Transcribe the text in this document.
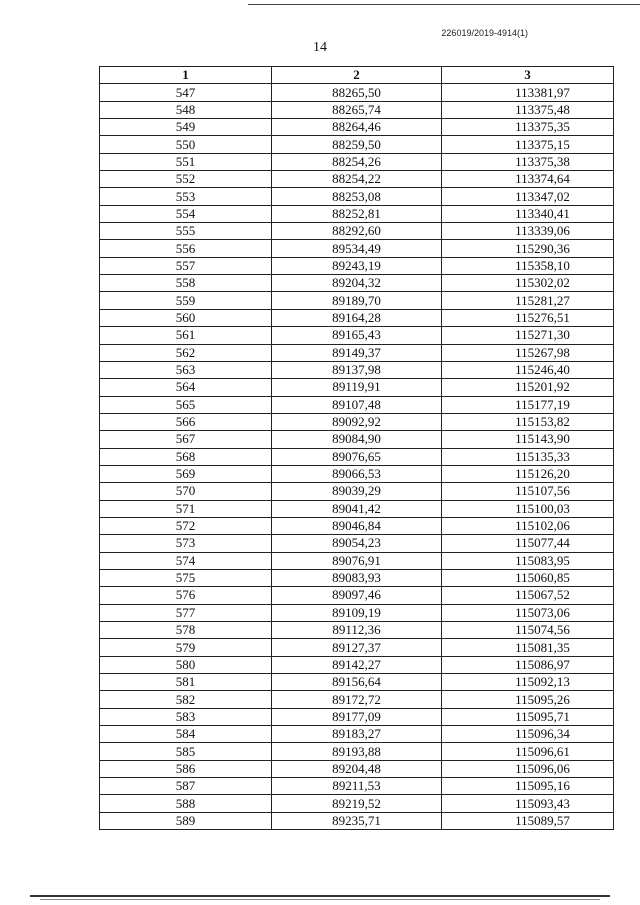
226019/2019-4914(1)
14
1	2	3
547	88265,50	113381,97
548	88265,74	113375,48
549	88264,46	113375,35
550	88259,50	113375,15
551	88254,26	113375,38
552	88254,22	113374,64
553	88253,08	113347,02
554	88252,81	113340,41
555	88292,60	113339,06
556	89534,49	115290,36
557	89243,19	115358,10
558	89204,32	115302,02
559	89189,70	115281,27
560	89164,28	115276,51
561	89165,43	115271,30
562	89149,37	115267,98
563	89137,98	115246,40
564	89119,91	115201,92
565	89107,48	115177,19
566	89092,92	115153,82
567	89084,90	115143,90
568	89076,65	115135,33
569	89066,53	115126,20
570	89039,29	115107,56
571	89041,42	115100,03
572	89046,84	115102,06
573	89054,23	115077,44
574	89076,91	115083,95
575	89083,93	115060,85
576	89097,46	115067,52
577	89109,19	115073,06
578	89112,36	115074,56
579	89127,37	115081,35
580	89142,27	115086,97
581	89156,64	115092,13
582	89172,72	115095,26
583	89177,09	115095,71
584	89183,27	115096,34
585	89193,88	115096,61
586	89204,48	115096,06
587	89211,53	115095,16
588	89219,52	115093,43
589	89235,71	115089,57
